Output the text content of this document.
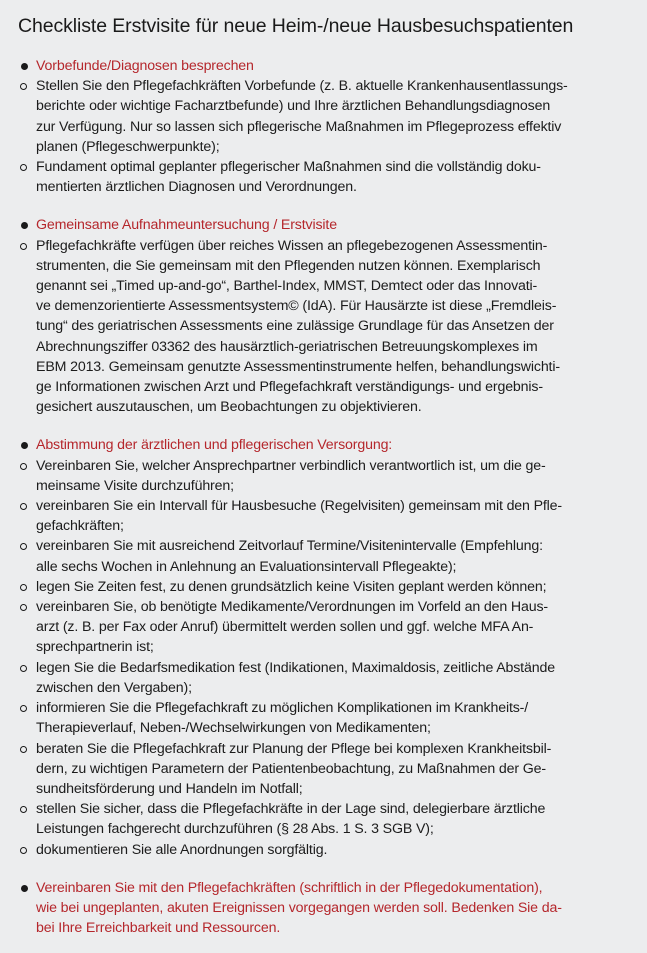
Checkliste Erstvisite für neue Heim-/neue Hausbesuchspatienten
Vorbefunde/Diagnosen besprechen
Stellen Sie den Pflegefachkräften Vorbefunde (z. B. aktuelle Krankenhausentlassungs-
berichte oder wichtige Facharztbefunde) und Ihre ärztlichen Behandlungsdiagnosen
zur Verfügung. Nur so lassen sich pflegerische Maßnahmen im Pflegeprozess effektiv
planen (Pflegeschwerpunkte);
Fundament optimal geplanter pflegerischer Maßnahmen sind die vollständig doku-
mentierten ärztlichen Diagnosen und Verordnungen.
Gemeinsame Aufnahmeuntersuchung / Erstvisite
Pflegefachkräfte verfügen über reiches Wissen an pflegebezogenen Assessmentin-
strumenten, die Sie gemeinsam mit den Pflegenden nutzen können. Exemplarisch
genannt sei „Timed up-and-go“, Barthel-Index, MMST, Demtect oder das Innovati-
ve demenzorientierte Assessmentsystem© (IdA). Für Hausärzte ist diese „Fremdleis-
tung“ des geriatrischen Assessments eine zulässige Grundlage für das Ansetzen der
Abrechnungsziffer 03362 des hausärztlich-geriatrischen Betreuungskomplexes im
EBM 2013. Gemeinsam genutzte Assessmentinstrumente helfen, behandlungswichti-
ge Informationen zwischen Arzt und Pflegefachkraft verständigungs- und ergebnis-
gesichert auszutauschen, um Beobachtungen zu objektivieren.
Abstimmung der ärztlichen und pflegerischen Versorgung:
Vereinbaren Sie, welcher Ansprechpartner verbindlich verantwortlich ist, um die ge-
meinsame Visite durchzuführen;
vereinbaren Sie ein Intervall für Hausbesuche (Regelvisiten) gemeinsam mit den Pfle-
gefachkräften;
vereinbaren Sie mit ausreichend Zeitvorlauf Termine/Visitenintervalle (Empfehlung:
alle sechs Wochen in Anlehnung an Evaluationsintervall Pflegeakte);
legen Sie Zeiten fest, zu denen grundsätzlich keine Visiten geplant werden können;
vereinbaren Sie, ob benötigte Medikamente/Verordnungen im Vorfeld an den Haus-
arzt (z. B. per Fax oder Anruf) übermittelt werden sollen und ggf. welche MFA An-
sprechpartnerin ist;
legen Sie die Bedarfsmedikation fest (Indikationen, Maximaldosis, zeitliche Abstände
zwischen den Vergaben);
informieren Sie die Pflegefachkraft zu möglichen Komplikationen im Krankheits-/
Therapieverlauf, Neben-/Wechselwirkungen von Medikamenten;
beraten Sie die Pflegefachkraft zur Planung der Pflege bei komplexen Krankheitsbil-
dern, zu wichtigen Parametern der Patientenbeobachtung, zu Maßnahmen der Ge-
sundheitsförderung und Handeln im Notfall;
stellen Sie sicher, dass die Pflegefachkräfte in der Lage sind, delegierbare ärztliche
Leistungen fachgerecht durchzuführen (§ 28 Abs. 1 S. 3 SGB V);
dokumentieren Sie alle Anordnungen sorgfältig.
Vereinbaren Sie mit den Pflegefachkräften (schriftlich in der Pflegedokumentation),
wie bei ungeplanten, akuten Ereignissen vorgegangen werden soll. Bedenken Sie da-
bei Ihre Erreichbarkeit und Ressourcen.
